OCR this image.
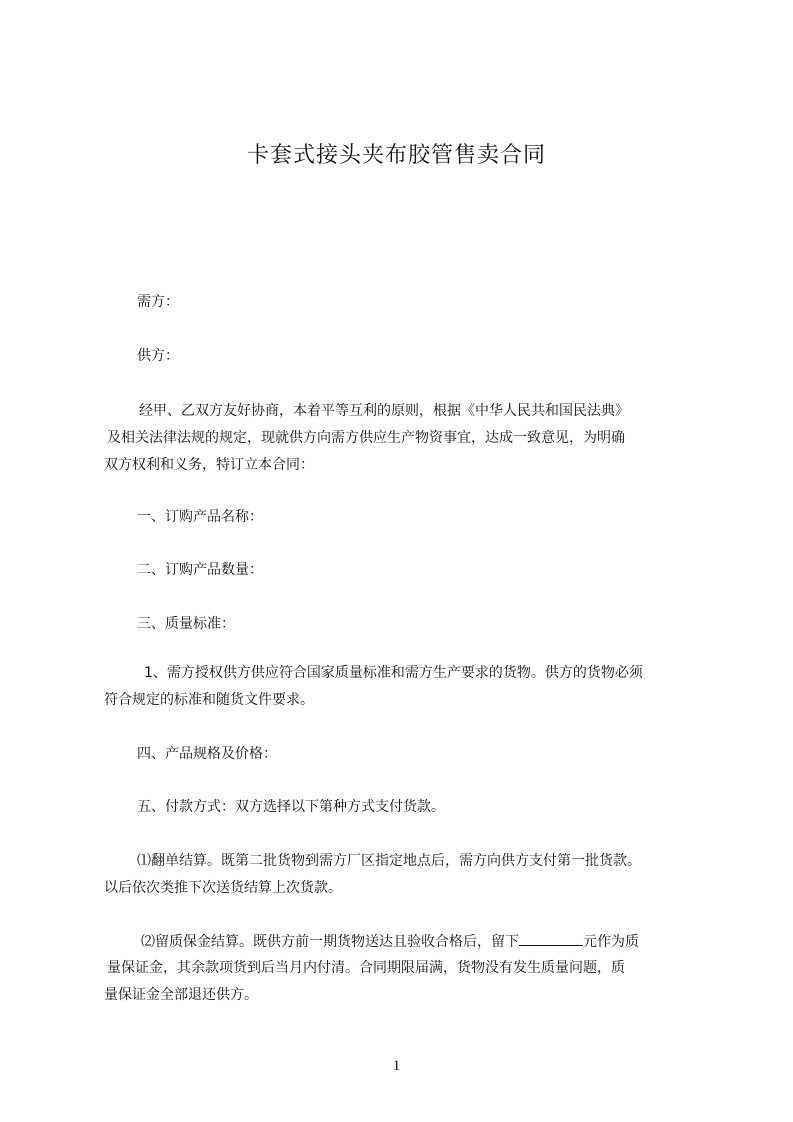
卡套式接头夹布胶管售卖合同
需方：
供方：
经甲、乙双方友好协商，本着平等互利的原则，根据《中华人民共和国民法典》
及相关法律法规的规定，现就供方向需方供应生产物资事宜，达成一致意见，为明确
双方权利和义务，特订立本合同：
一、订购产品名称：
二、订购产品数量：
三、质量标准：
1、需方授权供方供应符合国家质量标准和需方生产要求的货物。供方的货物必须
符合规定的标准和随货文件要求。
四、产品规格及价格：
五、付款方式：双方选择以下第种方式支付货款。
⑴翻单结算。既第二批货物到需方厂区指定地点后，需方向供方支付第一批货款。
以后依次类推下次送货结算上次货款。
⑵留质保金结算。既供方前一期货物送达且验收合格后，留下	元作为质
量保证金，其余款项货到后当月内付清。合同期限届满，货物没有发生质量问题，质
量保证金全部退还供方。
1
